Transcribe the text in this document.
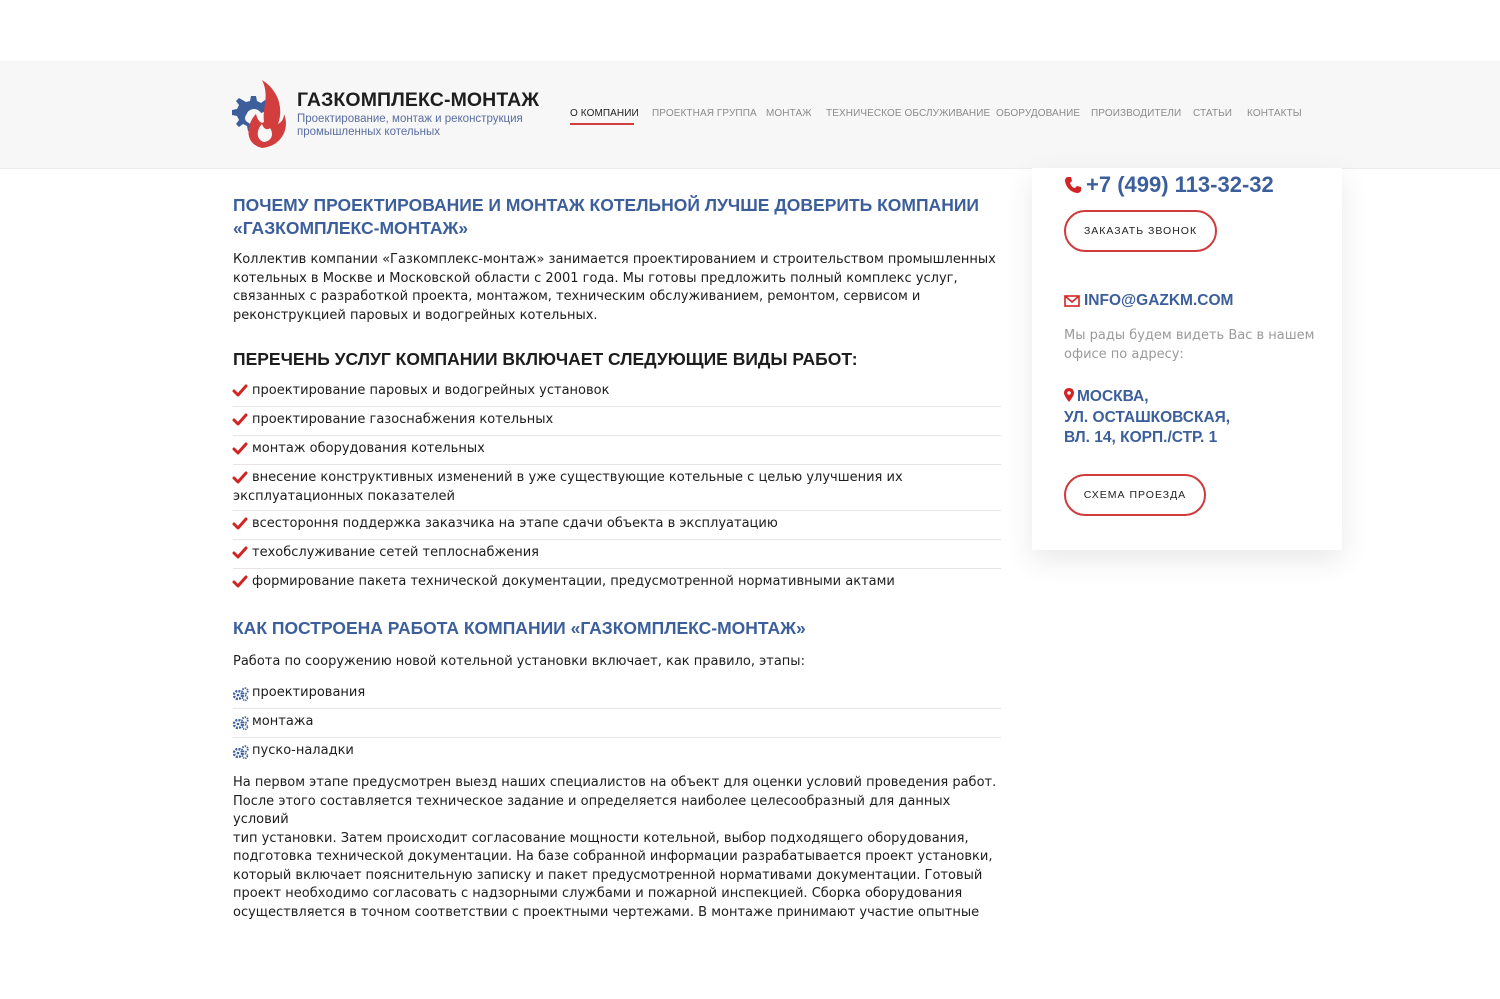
ГАЗКОМПЛЕКС-МОНТАЖ
Проектирование, монтаж и реконструкция
промышленных котельных
О КОМПАНИИ ПРОЕКТНАЯ ГРУППА МОНТАЖ ТЕХНИЧЕСКОЕ ОБСЛУЖИВАНИЕ ОБОРУДОВАНИЕ ПРОИЗВОДИТЕЛИ СТАТЬИ КОНТАКТЫ
ПОЧЕМУ ПРОЕКТИРОВАНИЕ И МОНТАЖ КОТЕЛЬНОЙ ЛУЧШЕ ДОВЕРИТЬ КОМПАНИИ
«ГАЗКОМПЛЕКС-МОНТАЖ»

Коллектив компании «Газкомплекс-монтаж» занимается проектированием и строительством промышленных
котельных в Москве и Московской области с 2001 года. Мы готовы предложить полный комплекс услуг,
связанных с разработкой проекта, монтажом, техническим обслуживанием, ремонтом, сервисом и
реконструкцией паровых и водогрейных котельных.

ПЕРЕЧЕНЬ УСЛУГ КОМПАНИИ ВКЛЮЧАЕТ СЛЕДУЮЩИЕ ВИДЫ РАБОТ:
проектирование паровых и водогрейных установок
проектирование газоснабжения котельных
монтаж оборудования котельных
внесение конструктивных изменений в уже существующие котельные с целью улучшения их
эксплуатационных показателей
всестороння поддержка заказчика на этапе сдачи объекта в эксплуатацию
техобслуживание сетей теплоснабжения
формирование пакета технической документации, предусмотренной нормативными актами
КАК ПОСТРОЕНА РАБОТА КОМПАНИИ «ГАЗКОМПЛЕКС-МОНТАЖ»

Работа по сооружению новой котельной установки включает, как правило, этапы:

проектирования
монтажа
пуско-наладки

На первом этапе предусмотрен выезд наших специалистов на объект для оценки условий проведения работ.
После этого составляется техническое задание и определяется наиболее целесообразный для данных условий
тип установки. Затем происходит согласование мощности котельной, выбор подходящего оборудования,
подготовка технической документации. На базе собранной информации разрабатывается проект установки,
который включает пояснительную записку и пакет предусмотренной нормативами документации. Готовый
проект необходимо согласовать с надзорными службами и пожарной инспекцией. Сборка оборудования
осуществляется в точном соответствии с проектными чертежами. В монтаже принимают участие опытные

+7 (499) 113-32-32
ЗАКАЗАТЬ ЗВОНОК
INFO@GAZKM.COM
Мы рады будем видеть Вас в нашем
офисе по адресу:
МОСКВА,
УЛ. ОСТАШКОВСКАЯ,
ВЛ. 14, КОРП./СТР. 1
СХЕМА ПРОЕЗДА
